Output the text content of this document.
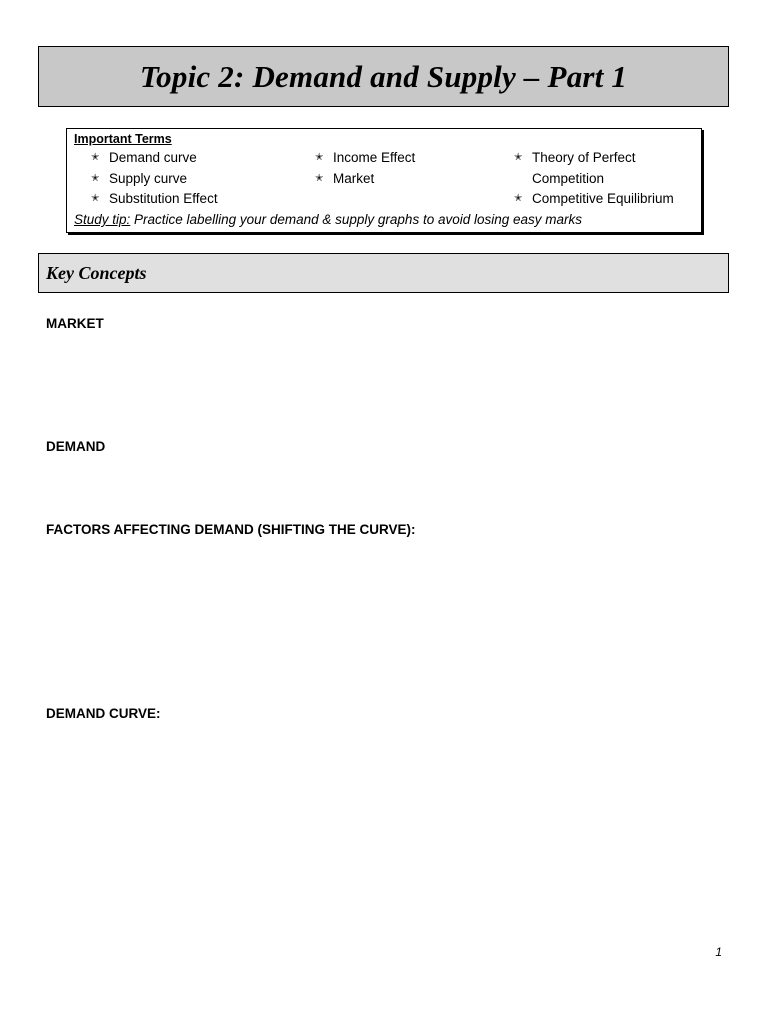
Topic 2: Demand and Supply – Part 1
Important Terms
✭ Demand curve
✭ Supply curve
✭ Substitution Effect
✭ Income Effect
✭ Market
✭ Theory of Perfect Competition
✭ Competitive Equilibrium
Study tip: Practice labelling your demand & supply graphs to avoid losing easy marks
Key Concepts
MARKET
DEMAND
FACTORS AFFECTING DEMAND (SHIFTING THE CURVE):
DEMAND CURVE:
1
